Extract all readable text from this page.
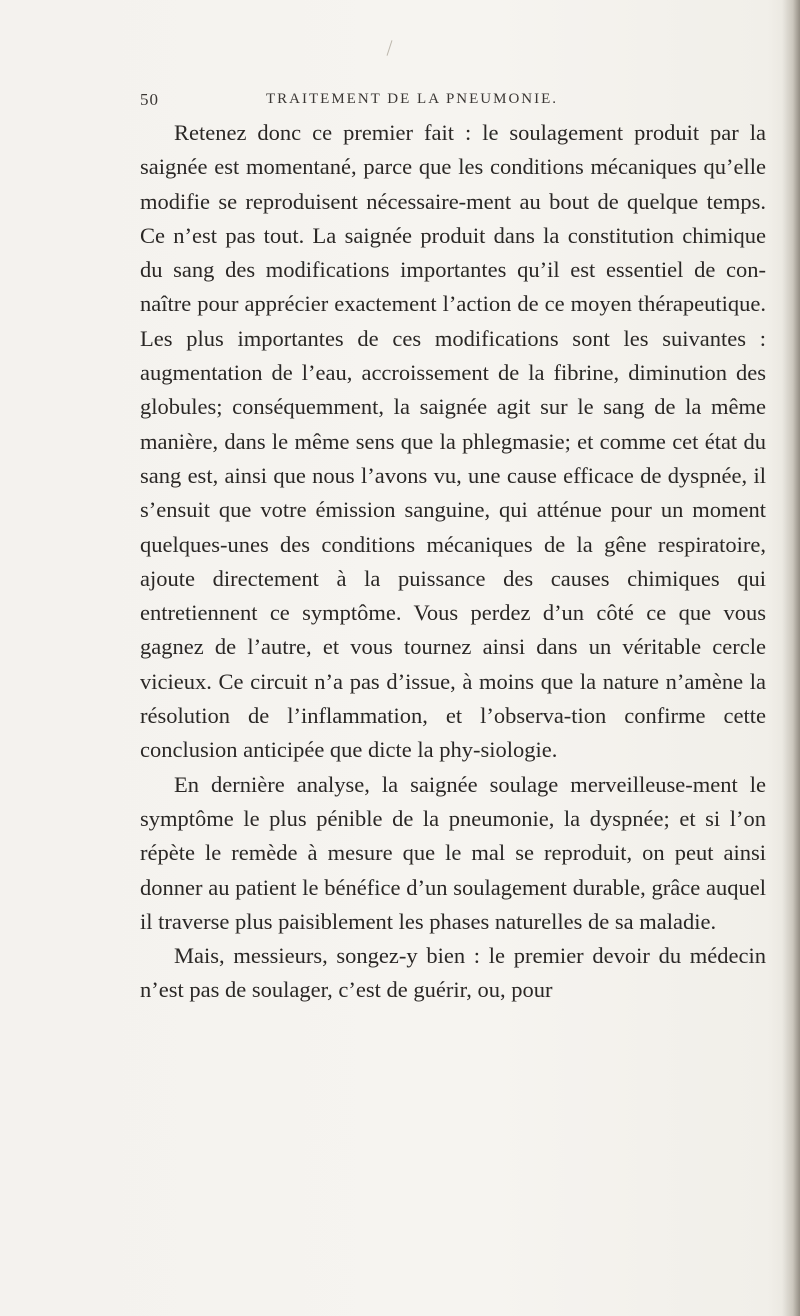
50	TRAITEMENT DE LA PNEUMONIE.

Retenez donc ce premier fait : le soulagement produit par la saignée est momentané, parce que les conditions mécaniques qu’elle modifie se reproduisent nécessaire-ment au bout de quelque temps. Ce n’est pas tout. La saignée produit dans la constitution chimique du sang des modifications importantes qu’il est essentiel de con-naître pour apprécier exactement l’action de ce moyen thérapeutique. Les plus importantes de ces modifications sont les suivantes : augmentation de l’eau, accroissement de la fibrine, diminution des globules; conséquemment, la saignée agit sur le sang de la même manière, dans le même sens que la phlegmasie; et comme cet état du sang est, ainsi que nous l’avons vu, une cause efficace de dyspnée, il s’ensuit que votre émission sanguine, qui atténue pour un moment quelques-unes des conditions mécaniques de la gêne respiratoire, ajoute directement à la puissance des causes chimiques qui entretiennent ce symptôme. Vous perdez d’un côté ce que vous gagnez de l’autre, et vous tournez ainsi dans un véritable cercle vicieux. Ce circuit n’a pas d’issue, à moins que la nature n’amène la résolution de l’inflammation, et l’observa-tion confirme cette conclusion anticipée que dicte la phy-siologie.

En dernière analyse, la saignée soulage merveilleuse-ment le symptôme le plus pénible de la pneumonie, la dyspnée; et si l’on répète le remède à mesure que le mal se reproduit, on peut ainsi donner au patient le bénéfice d’un soulagement durable, grâce auquel il traverse plus paisiblement les phases naturelles de sa maladie.

Mais, messieurs, songez-y bien : le premier devoir du médecin n’est pas de soulager, c’est de guérir, ou, pour
